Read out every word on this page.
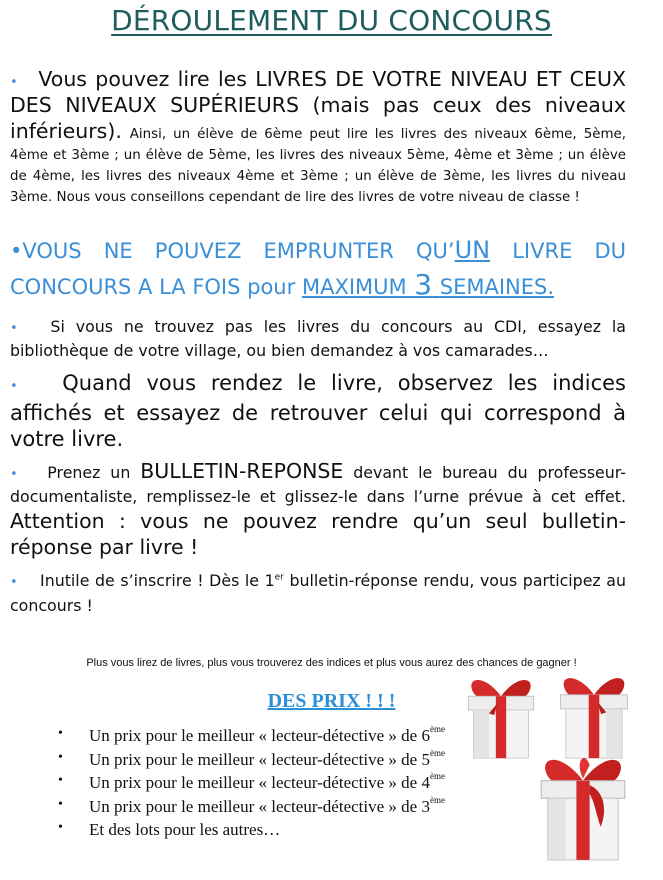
DÉROULEMENT DU CONCOURS

• Vous pouvez lire les LIVRES DE VOTRE NIVEAU ET CEUX DES NIVEAUX SUPÉRIEURS (mais pas ceux des niveaux inférieurs). Ainsi, un élève de 6ème peut lire les livres des niveaux 6ème, 5ème, 4ème et 3ème ; un élève de 5ème, les livres des niveaux 5ème, 4ème et 3ème ; un élève de 4ème, les livres des niveaux 4ème et 3ème ; un élève de 3ème, les livres du niveau 3ème. Nous vous conseillons cependant de lire des livres de votre niveau de classe !

•VOUS NE POUVEZ EMPRUNTER QU’UN LIVRE DU CONCOURS A LA FOIS pour MAXIMUM 3 SEMAINES.

• Si vous ne trouvez pas les livres du concours au CDI, essayez la bibliothèque de votre village, ou bien demandez à vos camarades…

• Quand vous rendez le livre, observez les indices affichés et essayez de retrouver celui qui correspond à votre livre.

• Prenez un BULLETIN-REPONSE devant le bureau du professeur- documentaliste, remplissez-le et glissez-le dans l’urne prévue à cet effet. Attention : vous ne pouvez rendre qu’un seul bulletin-réponse par livre !

• Inutile de s’inscrire ! Dès le 1er bulletin-réponse rendu, vous participez au concours !

Plus vous lirez de livres, plus vous trouverez des indices et plus vous aurez des chances de gagner !

DES PRIX ! ! !
• Un prix pour le meilleur « lecteur-détective » de 6ème
• Un prix pour le meilleur « lecteur-détective » de 5ème
• Un prix pour le meilleur « lecteur-détective » de 4ème
• Un prix pour le meilleur « lecteur-détective » de 3ème
• Et des lots pour les autres…
